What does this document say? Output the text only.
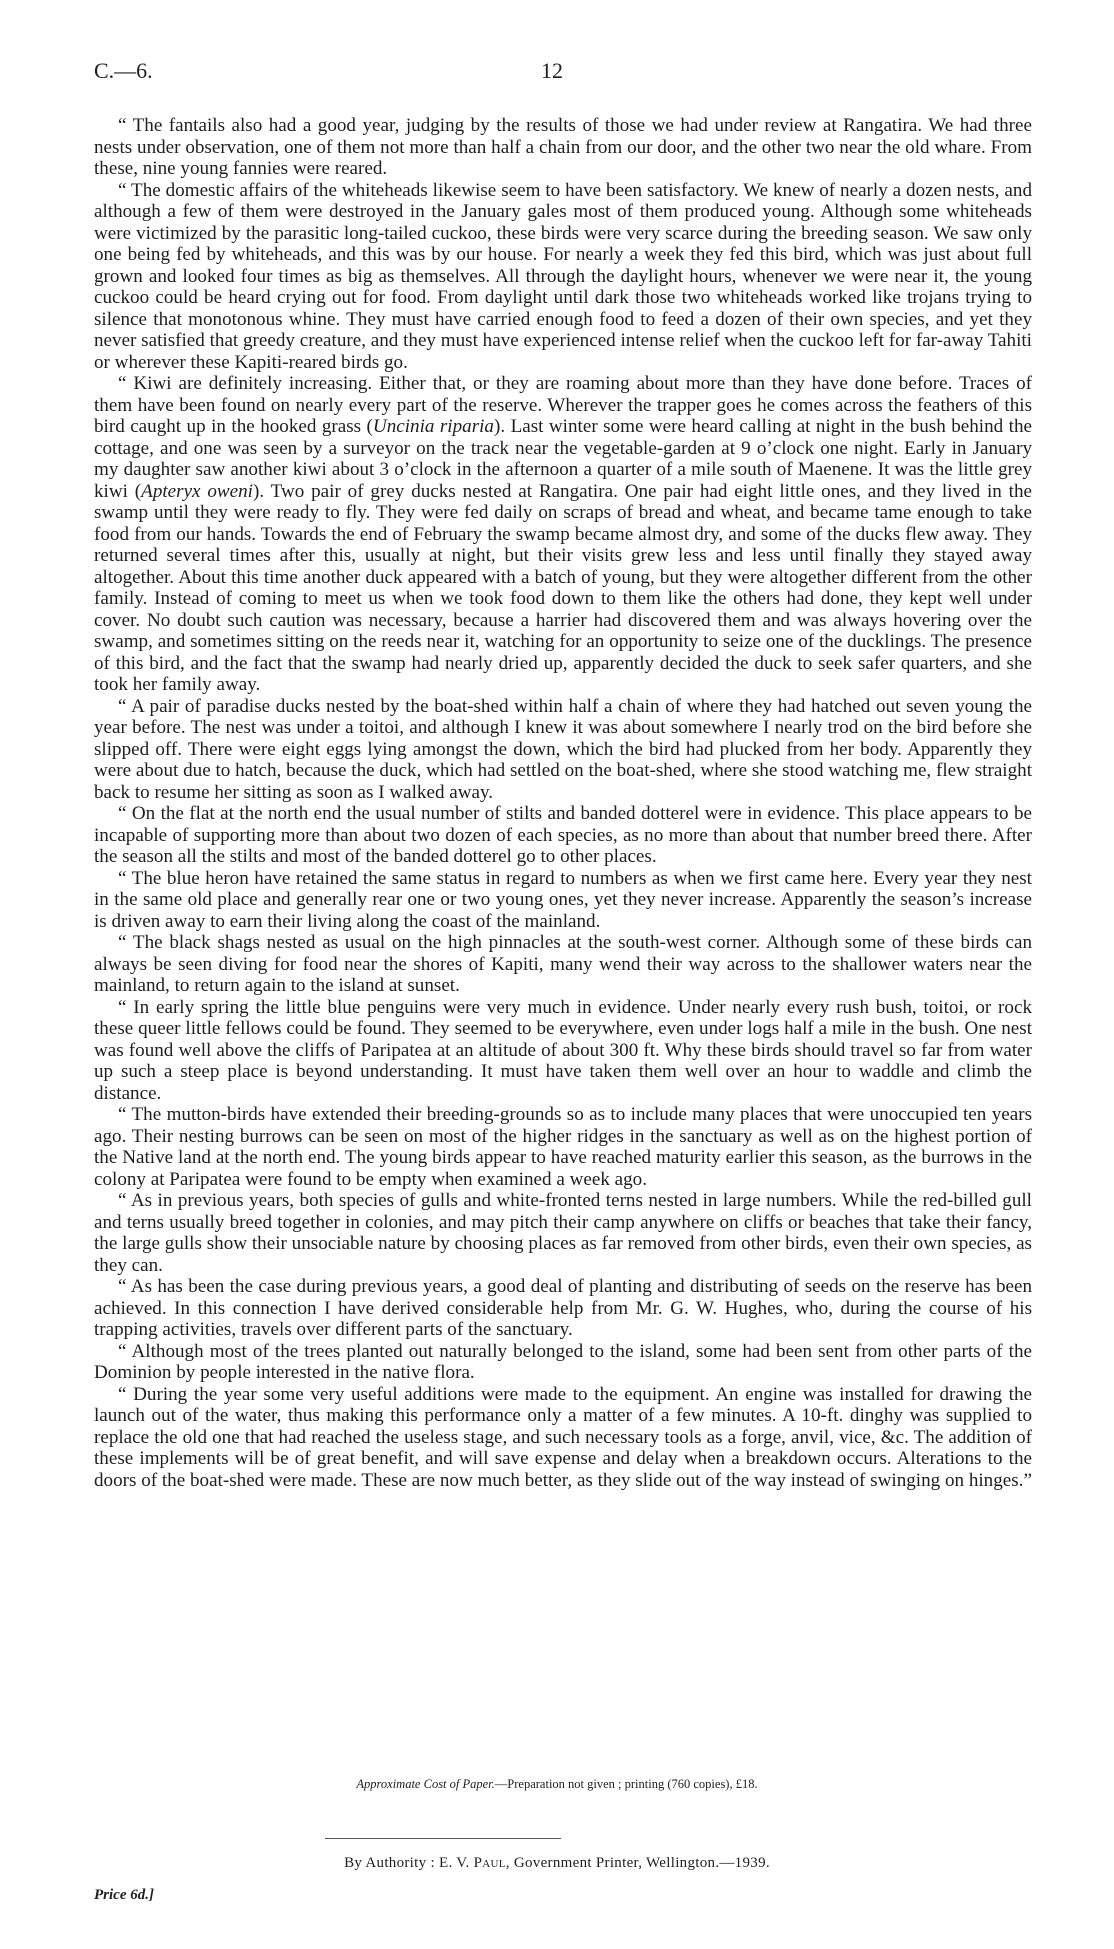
C.—6.	12

“ The fantails also had a good year, judging by the results of those we had under review at Rangatira. We had three nests under observation, one of them not more than half a chain from our door, and the other two near the old whare. From these, nine young fannies were reared.

“ The domestic affairs of the whiteheads likewise seem to have been satisfactory. We knew of nearly a dozen nests, and although a few of them were destroyed in the January gales most of them produced young. Although some whiteheads were victimized by the parasitic long-tailed cuckoo, these birds were very scarce during the breeding season. We saw only one being fed by whiteheads, and this was by our house. For nearly a week they fed this bird, which was just about full grown and looked four times as big as themselves. All through the daylight hours, whenever we were near it, the young cuckoo could be heard crying out for food. From daylight until dark those two whiteheads worked like trojans trying to silence that monotonous whine. They must have carried enough food to feed a dozen of their own species, and yet they never satisfied that greedy creature, and they must have experienced intense relief when the cuckoo left for far-away Tahiti or wherever these Kapiti-reared birds go.

“ Kiwi are definitely increasing. Either that, or they are roaming about more than they have done before. Traces of them have been found on nearly every part of the reserve. Wherever the trapper goes he comes across the feathers of this bird caught up in the hooked grass (Uncinia riparia). Last winter some were heard calling at night in the bush behind the cottage, and one was seen by a surveyor on the track near the vegetable-garden at 9 o’clock one night. Early in January my daughter saw another kiwi about 3 o’clock in the afternoon a quarter of a mile south of Maenene. It was the little grey kiwi (Apteryx oweni). Two pair of grey ducks nested at Rangatira. One pair had eight little ones, and they lived in the swamp until they were ready to fly. They were fed daily on scraps of bread and wheat, and became tame enough to take food from our hands. Towards the end of February the swamp became almost dry, and some of the ducks flew away. They returned several times after this, usually at night, but their visits grew less and less until finally they stayed away altogether. About this time another duck appeared with a batch of young, but they were altogether different from the other family. Instead of coming to meet us when we took food down to them like the others had done, they kept well under cover. No doubt such caution was necessary, because a harrier had discovered them and was always hovering over the swamp, and sometimes sitting on the reeds near it, watching for an opportunity to seize one of the ducklings. The presence of this bird, and the fact that the swamp had nearly dried up, apparently decided the duck to seek safer quarters, and she took her family away.

“ A pair of paradise ducks nested by the boat-shed within half a chain of where they had hatched out seven young the year before. The nest was under a toitoi, and although I knew it was about somewhere I nearly trod on the bird before she slipped off. There were eight eggs lying amongst the down, which the bird had plucked from her body. Apparently they were about due to hatch, because the duck, which had settled on the boat-shed, where she stood watching me, flew straight back to resume her sitting as soon as I walked away.

“ On the flat at the north end the usual number of stilts and banded dotterel were in evidence. This place appears to be incapable of supporting more than about two dozen of each species, as no more than about that number breed there. After the season all the stilts and most of the banded dotterel go to other places.

“ The blue heron have retained the same status in regard to numbers as when we first came here. Every year they nest in the same old place and generally rear one or two young ones, yet they never increase. Apparently the season’s increase is driven away to earn their living along the coast of the mainland.

“ The black shags nested as usual on the high pinnacles at the south-west corner. Although some of these birds can always be seen diving for food near the shores of Kapiti, many wend their way across to the shallower waters near the mainland, to return again to the island at sunset.

“ In early spring the little blue penguins were very much in evidence. Under nearly every rush bush, toitoi, or rock these queer little fellows could be found. They seemed to be everywhere, even under logs half a mile in the bush. One nest was found well above the cliffs of Paripatea at an altitude of about 300 ft. Why these birds should travel so far from water up such a steep place is beyond understanding. It must have taken them well over an hour to waddle and climb the distance.

“ The mutton-birds have extended their breeding-grounds so as to include many places that were unoccupied ten years ago. Their nesting burrows can be seen on most of the higher ridges in the sanctuary as well as on the highest portion of the Native land at the north end. The young birds appear to have reached maturity earlier this season, as the burrows in the colony at Paripatea were found to be empty when examined a week ago.

“ As in previous years, both species of gulls and white-fronted terns nested in large numbers. While the red-billed gull and terns usually breed together in colonies, and may pitch their camp anywhere on cliffs or beaches that take their fancy, the large gulls show their unsociable nature by choosing places as far removed from other birds, even their own species, as they can.

“ As has been the case during previous years, a good deal of planting and distributing of seeds on the reserve has been achieved. In this connection I have derived considerable help from Mr. G. W. Hughes, who, during the course of his trapping activities, travels over different parts of the sanctuary.

“ Although most of the trees planted out naturally belonged to the island, some had been sent from other parts of the Dominion by people interested in the native flora.

“ During the year some very useful additions were made to the equipment. An engine was installed for drawing the launch out of the water, thus making this performance only a matter of a few minutes. A 10-ft. dinghy was supplied to replace the old one that had reached the useless stage, and such necessary tools as a forge, anvil, vice, &c. The addition of these implements will be of great benefit, and will save expense and delay when a breakdown occurs. Alterations to the doors of the boat-shed were made. These are now much better, as they slide out of the way instead of swinging on hinges.”

Approximate Cost of Paper.—Preparation not given ; printing (760 copies), £18.
By Authority : E. V. Paul, Government Printer, Wellington.—1939.
Price 6d.]
